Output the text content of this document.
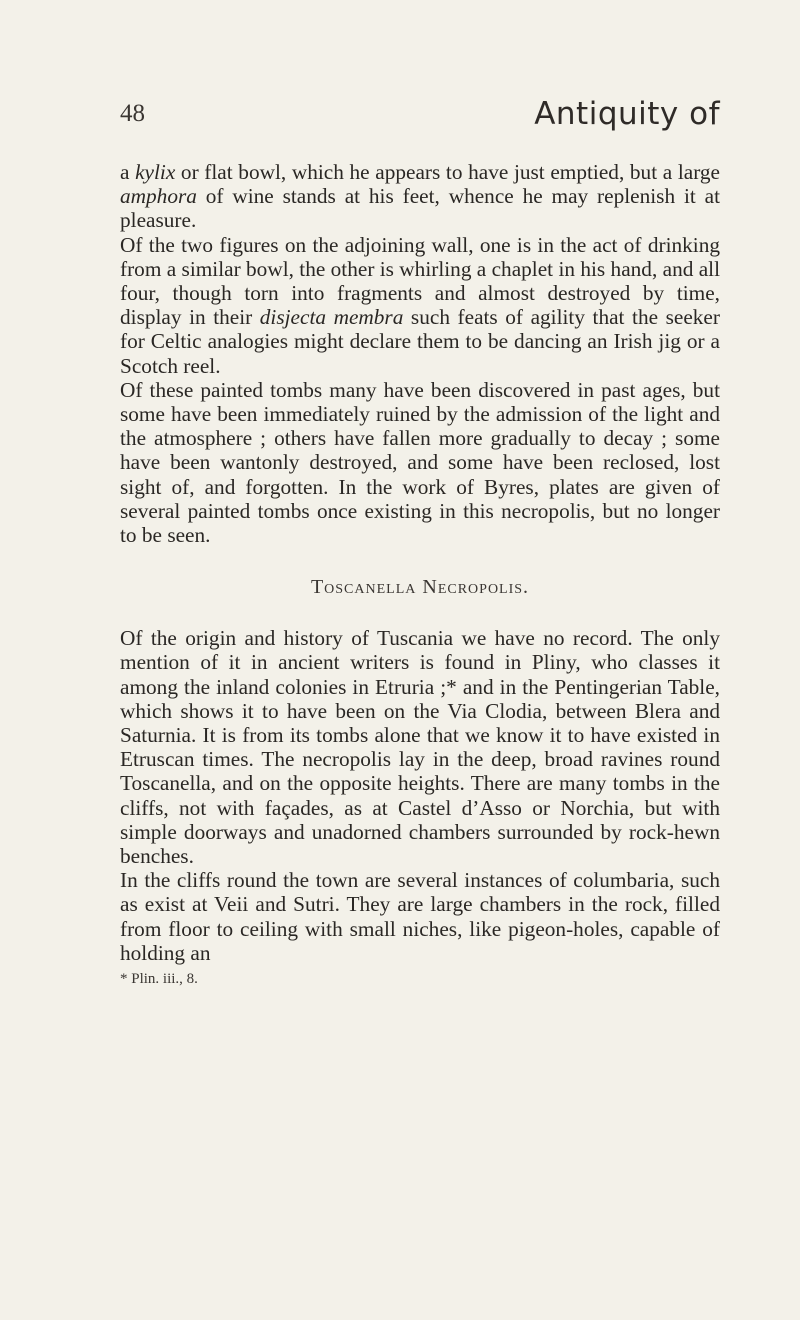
48	Antiquity of

a kylix or flat bowl, which he appears to have just emptied, but a large amphora of wine stands at his feet, whence he may replenish it at pleasure.

Of the two figures on the adjoining wall, one is in the act of drinking from a similar bowl, the other is whirling a chaplet in his hand, and all four, though torn into fragments and almost destroyed by time, display in their disjecta membra such feats of agility that the seeker for Celtic analogies might declare them to be dancing an Irish jig or a Scotch reel.

Of these painted tombs many have been discovered in past ages, but some have been immediately ruined by the admission of the light and the atmosphere ; others have fallen more gradually to decay ; some have been wantonly destroyed, and some have been reclosed, lost sight of, and forgotten. In the work of Byres, plates are given of several painted tombs once existing in this necropolis, but no longer to be seen.

Toscanella Necropolis.

Of the origin and history of Tuscania we have no record. The only mention of it in ancient writers is found in Pliny, who classes it among the inland colonies in Etruria ;* and in the Pentingerian Table, which shows it to have been on the Via Clodia, between Blera and Saturnia. It is from its tombs alone that we know it to have existed in Etruscan times. The necropolis lay in the deep, broad ravines round Toscanella, and on the opposite heights. There are many tombs in the cliffs, not with façades, as at Castel d’Asso or Norchia, but with simple doorways and unadorned chambers surrounded by rock-hewn benches.

In the cliffs round the town are several instances of columbaria, such as exist at Veii and Sutri. They are large chambers in the rock, filled from floor to ceiling with small niches, like pigeon-holes, capable of holding an

* Plin. iii., 8.
